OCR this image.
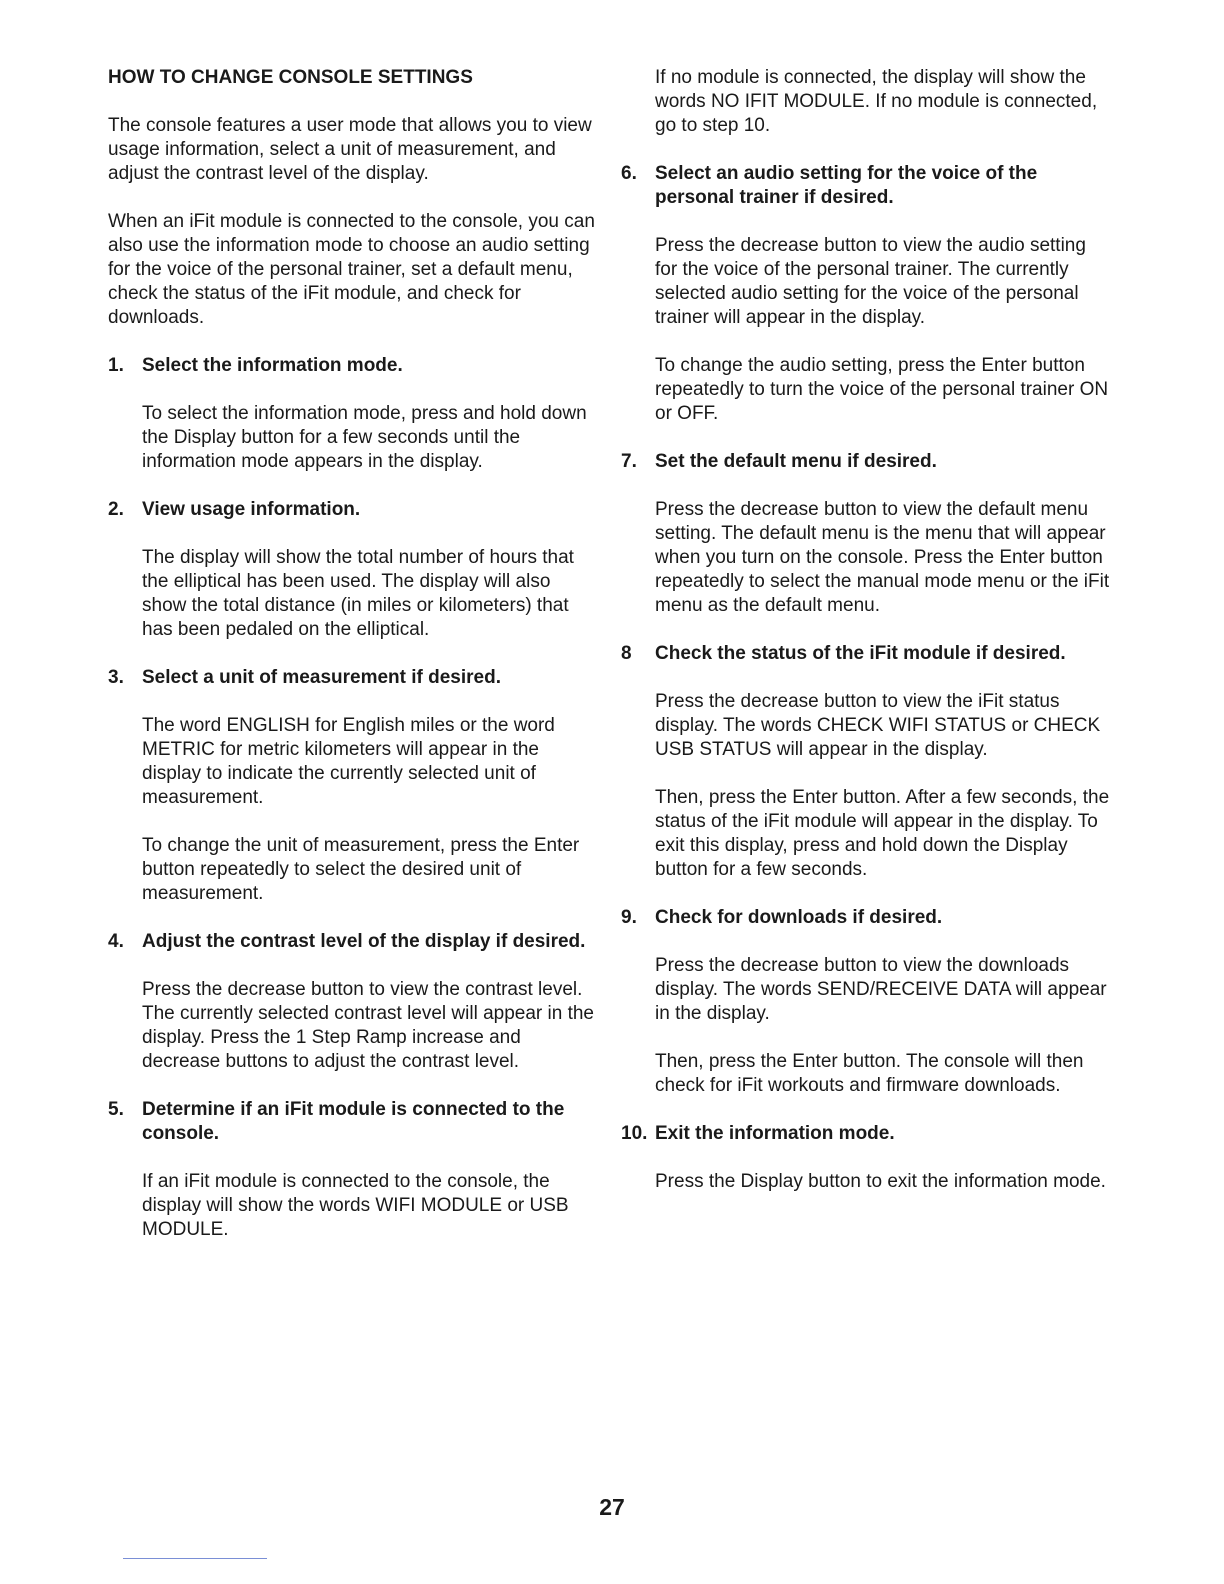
HOW TO CHANGE CONSOLE SETTINGS

The console features a user mode that allows you to view usage information, select a unit of measurement, and adjust the contrast level of the display.

When an iFit module is connected to the console, you can also use the information mode to choose an audio setting for the voice of the personal trainer, set a default menu, check the status of the iFit module, and check for downloads.

1. Select the information mode.

To select the information mode, press and hold down the Display button for a few seconds until the information mode appears in the display.

2. View usage information.

The display will show the total number of hours that the elliptical has been used. The display will also show the total distance (in miles or kilometers) that has been pedaled on the elliptical.

3. Select a unit of measurement if desired.

The word ENGLISH for English miles or the word METRIC for metric kilometers will appear in the display to indicate the currently selected unit of measurement.

To change the unit of measurement, press the Enter button repeatedly to select the desired unit of measurement.

4. Adjust the contrast level of the display if desired.

Press the decrease button to view the contrast level. The currently selected contrast level will appear in the display. Press the 1 Step Ramp increase and decrease buttons to adjust the contrast level.

5. Determine if an iFit module is connected to the console.

If an iFit module is connected to the console, the display will show the words WIFI MODULE or USB MODULE.

If no module is connected, the display will show the words NO IFIT MODULE. If no module is connected, go to step 10.

6. Select an audio setting for the voice of the personal trainer if desired.

Press the decrease button to view the audio setting for the voice of the personal trainer. The currently selected audio setting for the voice of the personal trainer will appear in the display.

To change the audio setting, press the Enter button repeatedly to turn the voice of the personal trainer ON or OFF.

7. Set the default menu if desired.

Press the decrease button to view the default menu setting. The default menu is the menu that will appear when you turn on the console. Press the Enter button repeatedly to select the manual mode menu or the iFit menu as the default menu.

8	Check the status of the iFit module if desired.

Press the decrease button to view the iFit status display. The words CHECK WIFI STATUS or CHECK USB STATUS will appear in the display.

Then, press the Enter button. After a few seconds, the status of the iFit module will appear in the display. To exit this display, press and hold down the Display button for a few seconds.

9. Check for downloads if desired.

Press the decrease button to view the downloads display. The words SEND/RECEIVE DATA will appear in the display.

Then, press the Enter button. The console will then check for iFit workouts and firmware downloads.

10. Exit the information mode.

Press the Display button to exit the information mode.

27
